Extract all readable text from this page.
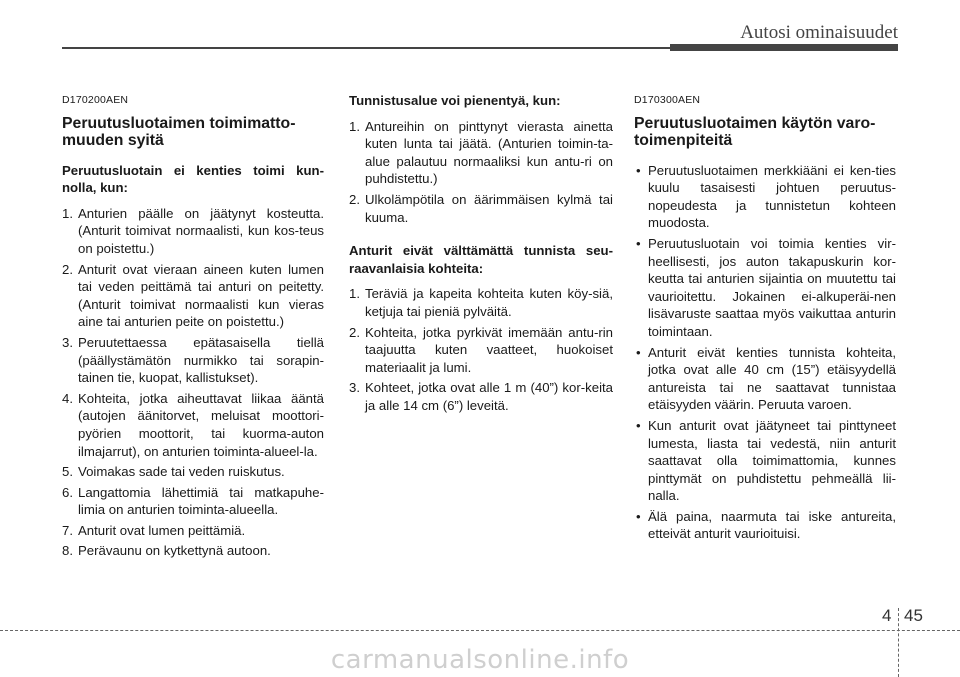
Autosi ominaisuudet
D170200AEN
Peruutusluotaimen toimimatto-muuden syitä
Peruutusluotain ei kenties toimi kun-nolla, kun:
1. Anturien päälle on jäätynyt kosteutta. (Anturit toimivat normaalisti, kun kos-teus on poistettu.)
2. Anturit ovat vieraan aineen kuten lumen tai veden peittämä tai anturi on peitetty. (Anturit toimivat normaalisti kun vieras aine tai anturien peite on poistettu.)
3. Peruutettaessa epätasaisella tiellä (päällystämätön nurmikko tai sorapin-tainen tie, kuopat, kallistukset).
4. Kohteita, jotka aiheuttavat liikaa ääntä (autojen äänitorvet, meluisat moottori-pyörien moottorit, tai kuorma-auton ilmajarrut), on anturien toiminta-alueel-la.
5. Voimakas sade tai veden ruiskutus.
6. Langattomia lähettimiä tai matkapuhe-limia on anturien toiminta-alueella.
7. Anturit ovat lumen peittämiä.
8. Perävaunu on kytkettynä autoon.
Tunnistusalue voi pienentyä, kun:
1. Antureihin on pinttynyt vierasta ainetta kuten lunta tai jäätä. (Anturien toimin-ta-alue palautuu normaaliksi kun antu-ri on puhdistettu.)
2. Ulkolämpötila on äärimmäisen kylmä tai kuuma.
Anturit eivät välttämättä tunnista seu-raavanlaisia kohteita:
1. Teräviä ja kapeita kohteita kuten köy-siä, ketjuja tai pieniä pylväitä.
2. Kohteita, jotka pyrkivät imemään antu-rin taajuutta kuten vaatteet, huokoiset materiaalit ja lumi.
3. Kohteet, jotka ovat alle 1 m (40”) kor-keita ja alle 14 cm (6”) leveitä.
D170300AEN
Peruutusluotaimen käytön varo-toimenpiteitä
• Peruutusluotaimen merkkiääni ei ken-ties kuulu tasaisesti johtuen peruutus-nopeudesta ja tunnistetun kohteen muodosta.
• Peruutusluotain voi toimia kenties vir-heellisesti, jos auton takapuskurin kor-keutta tai anturien sijaintia on muutettu tai vaurioitettu. Jokainen ei-alkuperäi-nen lisävaruste saattaa myös vaikuttaa anturin toimintaan.
• Anturit eivät kenties tunnista kohteita, jotka ovat alle 40 cm (15”) etäisyydellä antureista tai ne saattavat tunnistaa etäisyyden väärin. Peruuta varoen.
• Kun anturit ovat jäätyneet tai pinttyneet lumesta, liasta tai vedestä, niin anturit saattavat olla toimimattomia, kunnes pinttymät on puhdistettu pehmeällä lii-nalla.
• Älä paina, naarmuta tai iske antureita, etteivät anturit vaurioituisi.
4 45
carmanualsonline.info
